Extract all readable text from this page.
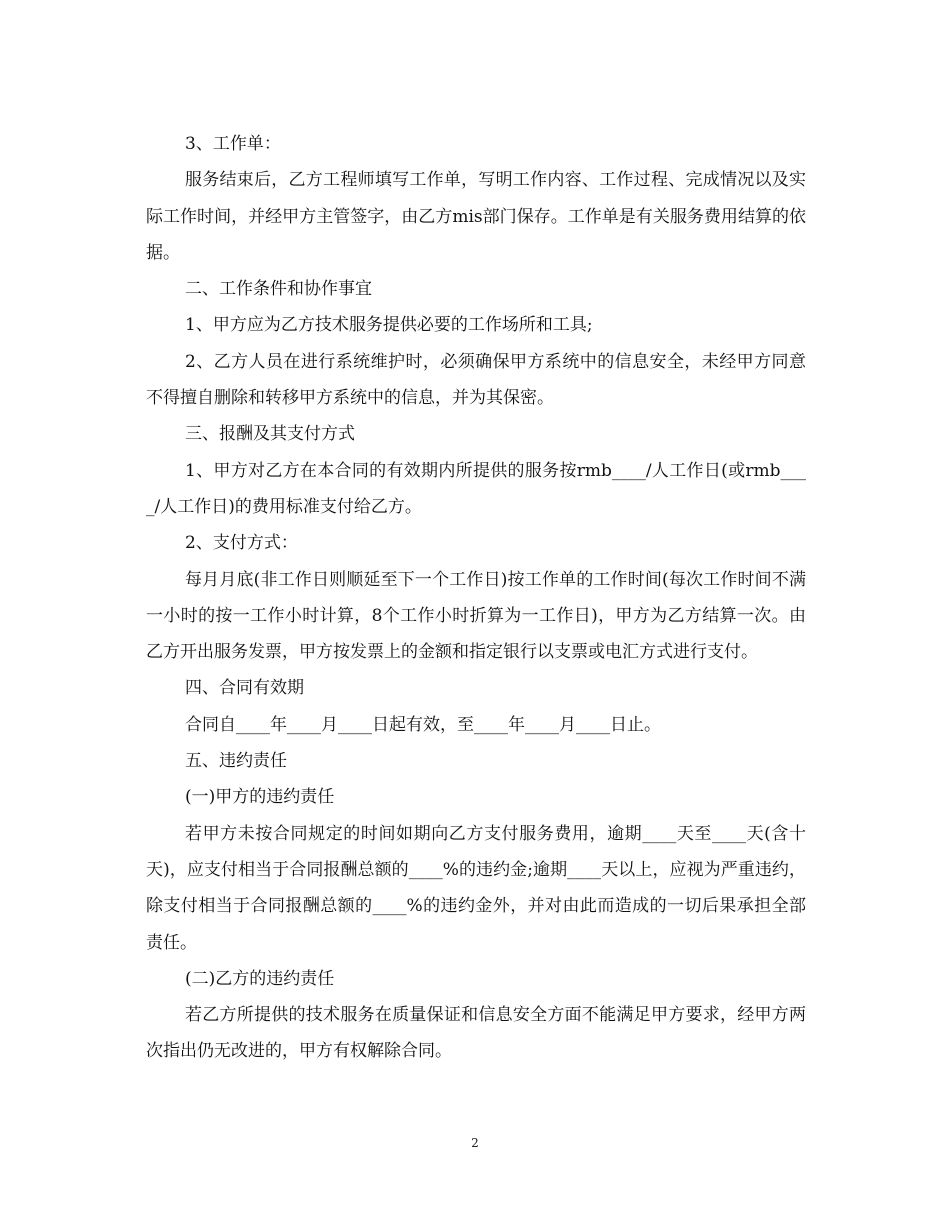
3、工作单：

服务结束后，乙方工程师填写工作单，写明工作内容、工作过程、完成情况以及实际工作时间，并经甲方主管签字，由乙方mis部门保存。工作单是有关服务费用结算的依据。

二、工作条件和协作事宜

1、甲方应为乙方技术服务提供必要的工作场所和工具;

2、乙方人员在进行系统维护时，必须确保甲方系统中的信息安全，未经甲方同意不得擅自删除和转移甲方系统中的信息，并为其保密。

三、报酬及其支付方式

1、甲方对乙方在本合同的有效期内所提供的服务按rmb____/人工作日(或rmb____/人工作日)的费用标准支付给乙方。

2、支付方式：

每月月底(非工作日则顺延至下一个工作日)按工作单的工作时间(每次工作时间不满一小时的按一工作小时计算，8个工作小时折算为一工作日)，甲方为乙方结算一次。由乙方开出服务发票，甲方按发票上的金额和指定银行以支票或电汇方式进行支付。

四、合同有效期

合同自____年____月____日起有效，至____年____月____日止。

五、违约责任

(一)甲方的违约责任

若甲方未按合同规定的时间如期向乙方支付服务费用，逾期____天至____天(含十天)，应支付相当于合同报酬总额的____%的违约金;逾期____天以上，应视为严重违约，除支付相当于合同报酬总额的____%的违约金外，并对由此而造成的一切后果承担全部责任。

(二)乙方的违约责任

若乙方所提供的技术服务在质量保证和信息安全方面不能满足甲方要求，经甲方两次指出仍无改进的，甲方有权解除合同。

2
